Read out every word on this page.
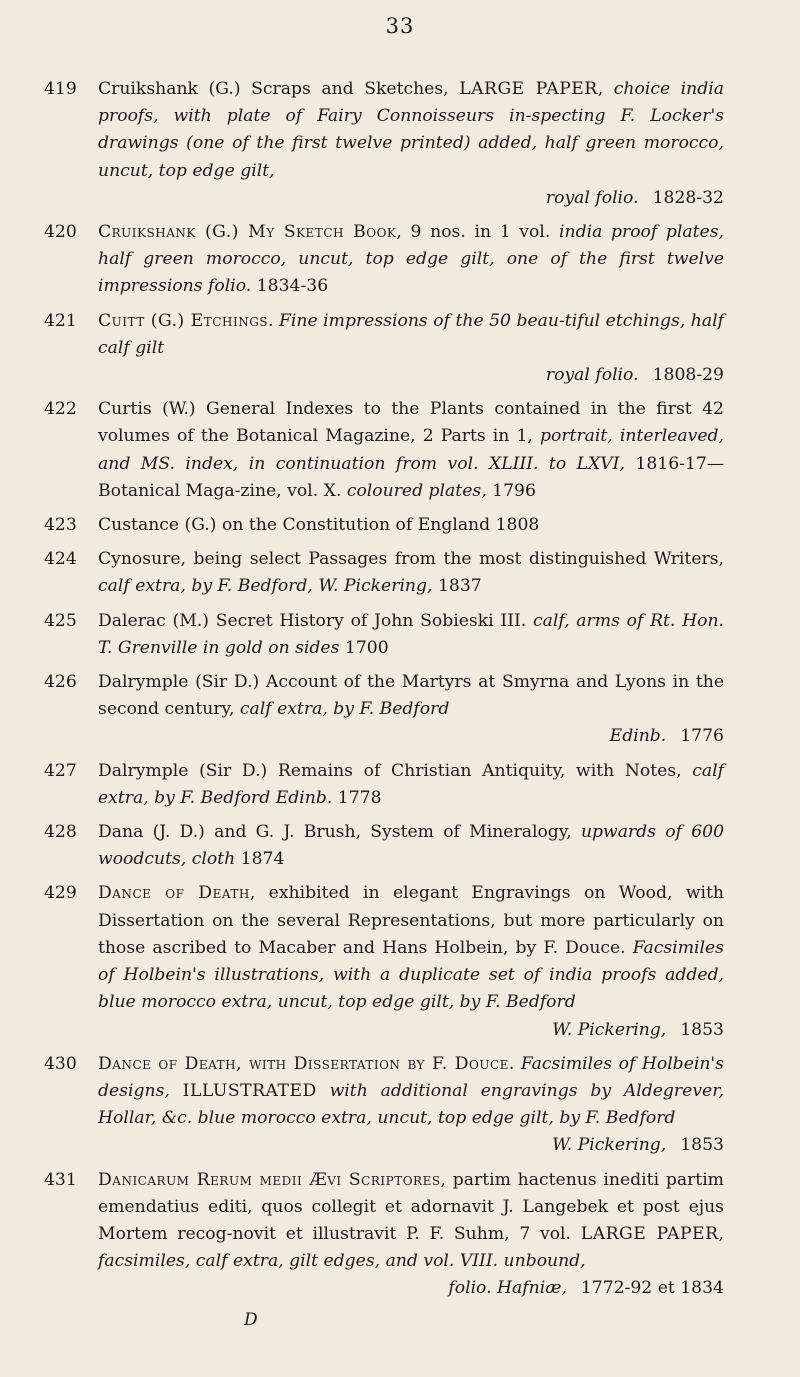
33
419	Cruikshank (G.) Scraps and Sketches, LARGE PAPER, choice india proofs, with plate of Fairy Connoisseurs in-specting F. Locker's drawings (one of the first twelve printed) added, half green morocco, uncut, top edge gilt,
royal folio. 1828-32
420	Cruikshank (G.) My Sketch Book, 9 nos. in 1 vol. india proof plates, half green morocco, uncut, top edge gilt, one of the first twelve impressions folio. 1834-36
421	Cuitt (G.) Etchings. Fine impressions of the 50 beau-tiful etchings, half calf gilt
royal folio. 1808-29
422	Curtis (W.) General Indexes to the Plants contained in the first 42 volumes of the Botanical Magazine, 2 Parts in 1, portrait, interleaved, and MS. index, in continuation from vol. XLIII. to LXVI, 1816-17—Botanical Maga-zine, vol. X. coloured plates, 1796
423	Custance (G.) on the Constitution of England 1808
424	Cynosure, being select Passages from the most distinguished Writers, calf extra, by F. Bedford, W. Pickering, 1837
425	Dalerac (M.) Secret History of John Sobieski III. calf, arms of Rt. Hon. T. Grenville in gold on sides 1700
426	Dalrymple (Sir D.) Account of the Martyrs at Smyrna and Lyons in the second century, calf extra, by F. Bedford
Edinb. 1776
427	Dalrymple (Sir D.) Remains of Christian Antiquity, with Notes, calf extra, by F. Bedford Edinb. 1778
428	Dana (J. D.) and G. J. Brush, System of Mineralogy, upwards of 600 woodcuts, cloth 1874
429	Dance of Death, exhibited in elegant Engravings on Wood, with Dissertation on the several Representations, but more particularly on those ascribed to Macaber and Hans Holbein, by F. Douce. Facsimiles of Holbein's illustrations, with a duplicate set of india proofs added, blue morocco extra, uncut, top edge gilt, by F. Bedford
W. Pickering, 1853
430	Dance of Death, with Dissertation by F. Douce. Facsimiles of Holbein's designs, ILLUSTRATED with additional engravings by Aldegrever, Hollar, &c. blue morocco extra, uncut, top edge gilt, by F. Bedford
W. Pickering, 1853
431	Danicarum Rerum medii Ævi Scriptores, partim hactenus inediti partim emendatius editi, quos collegit et adornavit J. Langebek et post ejus Mortem recog-novit et illustravit P. F. Suhm, 7 vol. LARGE PAPER, facsimiles, calf extra, gilt edges, and vol. VIII. unbound,
folio. Hafniæ, 1772-92 et 1834
D
